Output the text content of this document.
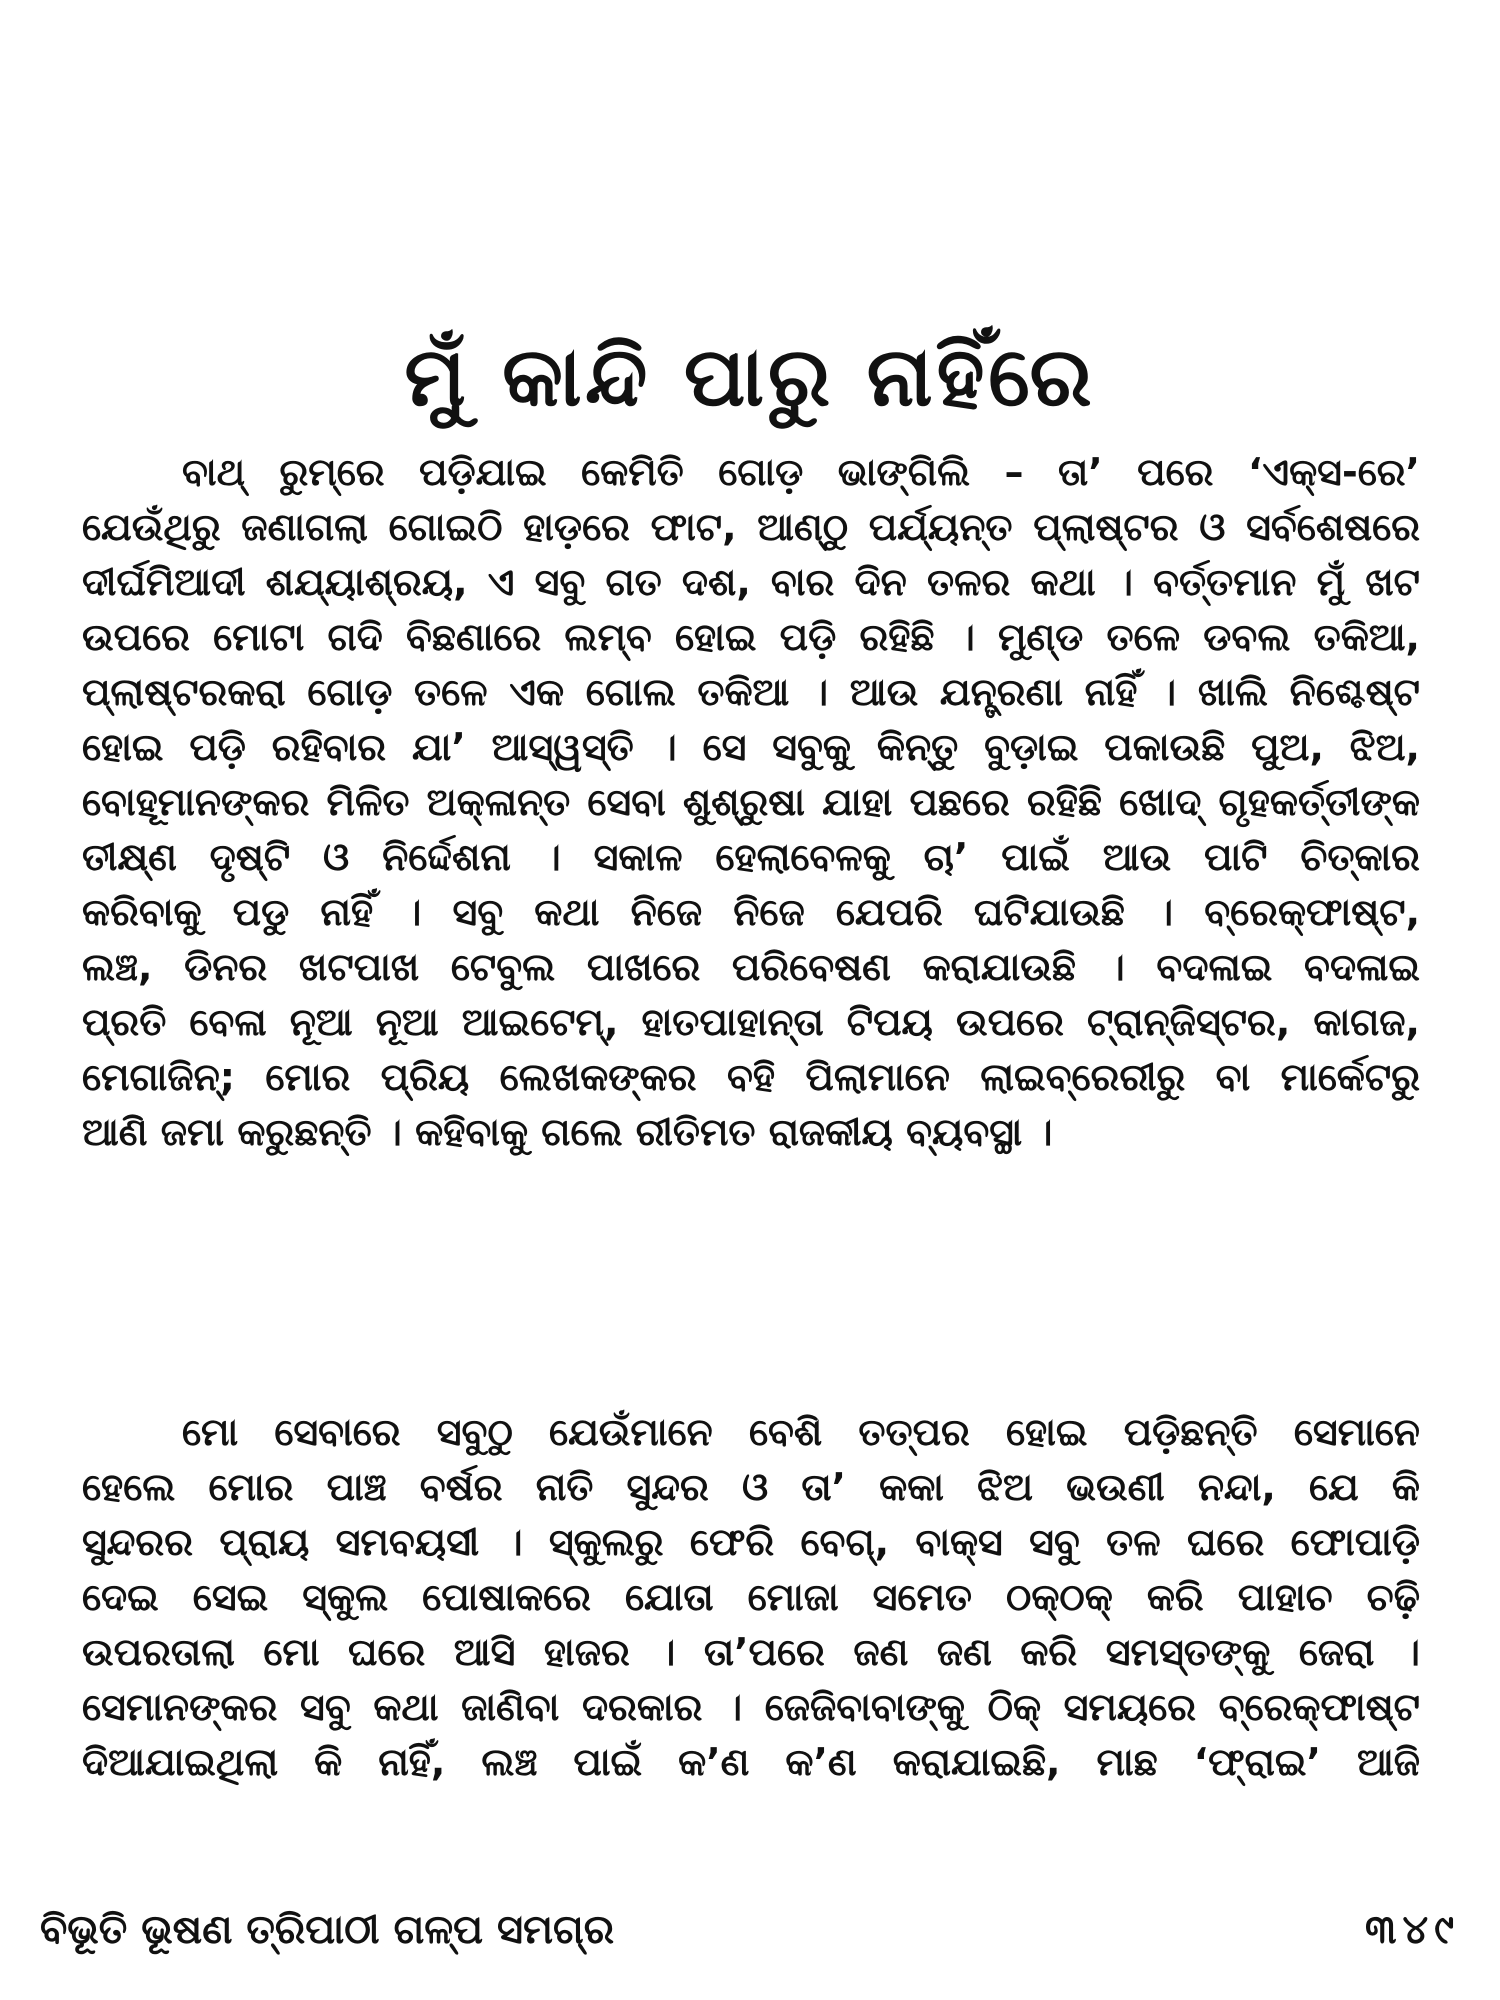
ମୁଁ କାନ୍ଦି ପାରୁ ନାହିଁରେ
ବାଥ୍ ରୁମ୍‌ରେ ପଡ଼ିଯାଇ କେମିତି ଗୋଡ଼ ଭାଙ୍ଗିଲି – ତା’ ପରେ ‘ଏକ୍‌ସ-ରେ’
ଯେଉଁଥିରୁ ଜଣାଗଲା ଗୋଇଠି ହାଡ଼ରେ ଫାଟ, ଆଣ୍ଠୁ ପର୍ଯ୍ୟନ୍ତ ପ୍ଲାଷ୍ଟର ଓ ସର୍ବଶେଷରେ
ଦୀର୍ଘମିଆଦୀ ଶଯ୍ୟାଶ୍ରୟ, ଏ ସବୁ ଗତ ଦଶ, ବାର ଦିନ ତଳର କଥା । ବର୍ତ୍ତମାନ ମୁଁ ଖଟ
ଉପରେ ମୋଟା ଗଦି ବିଛଣାରେ ଲମ୍ବ ହୋଇ ପଡ଼ି ରହିଛି । ମୁଣ୍ଡ ତଳେ ଡବଲ ତକିଆ,
ପ୍ଲାଷ୍ଟରକରା ଗୋଡ଼ ତଳେ ଏକ ଗୋଲ ତକିଆ । ଆଉ ଯନ୍ତ୍ରଣା ନାହିଁ । ଖାଲି ନିଶ୍ଚେଷ୍ଟ
ହୋଇ ପଡ଼ି ରହିବାର ଯା’ ଆସ୍ୱସ୍ତି । ସେ ସବୁକୁ କିନ୍ତୁ ବୁଡ଼ାଇ ପକାଉଛି ପୁଅ, ଝିଅ,
ବୋହୂମାନଙ୍କର ମିଳିତ ଅକ୍ଳାନ୍ତ ସେବା ଶୁଶ୍ରୁଷା ଯାହା ପଛରେ ରହିଛି ଖୋଦ୍ ଗୃହକର୍ତ୍ତୀଙ୍କ
ତୀକ୍ଷ୍ଣ ଦୃଷ୍ଟି ଓ ନିର୍ଦ୍ଦେଶନା । ସକାଳ ହେଲାବେଳକୁ ଚା’ ପାଇଁ ଆଉ ପାଟି ଚିତ୍କାର
କରିବାକୁ ପଡୁ ନାହିଁ । ସବୁ କଥା ନିଜେ ନିଜେ ଯେପରି ଘଟିଯାଉଛି । ବ୍ରେକ୍‌ଫାଷ୍ଟ,
ଲଞ୍ଚ, ଡିନର ଖଟପାଖ ଟେବୁଲ ପାଖରେ ପରିବେଷଣ କରାଯାଉଛି । ବଦଳାଇ ବଦଳାଇ
ପ୍ରତି ବେଳା ନୂଆ ନୂଆ ଆଇଟେମ୍, ହାତପାହାନ୍ତା ଟିପୟ ଉପରେ ଟ୍ରାନ୍‌ଜିସ୍ଟର, କାଗଜ,
ମେଗାଜିନ୍; ମୋର ପ୍ରିୟ ଲେଖକଙ୍କର ବହି ପିଲାମାନେ ଲାଇବ୍ରେରୀରୁ ବା ମାର୍କେଟରୁ
ଆଣି ଜମା କରୁଛନ୍ତି । କହିବାକୁ ଗଲେ ରୀତିମତ ରାଜକୀୟ ବ୍ୟବସ୍ଥା ।
ମୋ ସେବାରେ ସବୁଠୁ ଯେଉଁମାନେ ବେଶି ତତ୍ପର ହୋଇ ପଡ଼ିଛନ୍ତି ସେମାନେ
ହେଲେ ମୋର ପାଞ୍ଚ ବର୍ଷର ନାତି ସୁନ୍ଦର ଓ ତା’ କକା ଝିଅ ଭଉଣୀ ନନ୍ଦା, ଯେ କି
ସୁନ୍ଦରର ପ୍ରାୟ ସମବୟସୀ । ସ୍କୁଲରୁ ଫେରି ବେଗ୍, ବାକ୍‌ସ ସବୁ ତଳ ଘରେ ଫୋପାଡ଼ି
ଦେଇ ସେଇ ସ୍କୁଲ ପୋଷାକରେ ଯୋତା ମୋଜା ସମେତ ଠକ୍‌ଠକ୍ କରି ପାହାଚ ଚଢ଼ି
ଉପରତାଲା ମୋ ଘରେ ଆସି ହାଜର । ତା’ପରେ ଜଣ ଜଣ କରି ସମସ୍ତଙ୍କୁ ଜେରା ।
ସେମାନଙ୍କର ସବୁ କଥା ଜାଣିବା ଦରକାର । ଜେଜିବାବାଙ୍କୁ ଠିକ୍ ସମୟରେ ବ୍ରେକ୍‌ଫାଷ୍ଟ
ଦିଆଯାଇଥିଲା କି ନାହିଁ, ଲଞ୍ଚ ପାଇଁ କ’ଣ କ’ଣ କରାଯାଇଛି, ମାଛ ‘ଫ୍ରାଇ’ ଆଜି
ବିଭୂତି ଭୂଷଣ ତ୍ରିପାଠୀ ଗଳ୍ପ ସମଗ୍ର	୩୪୯
